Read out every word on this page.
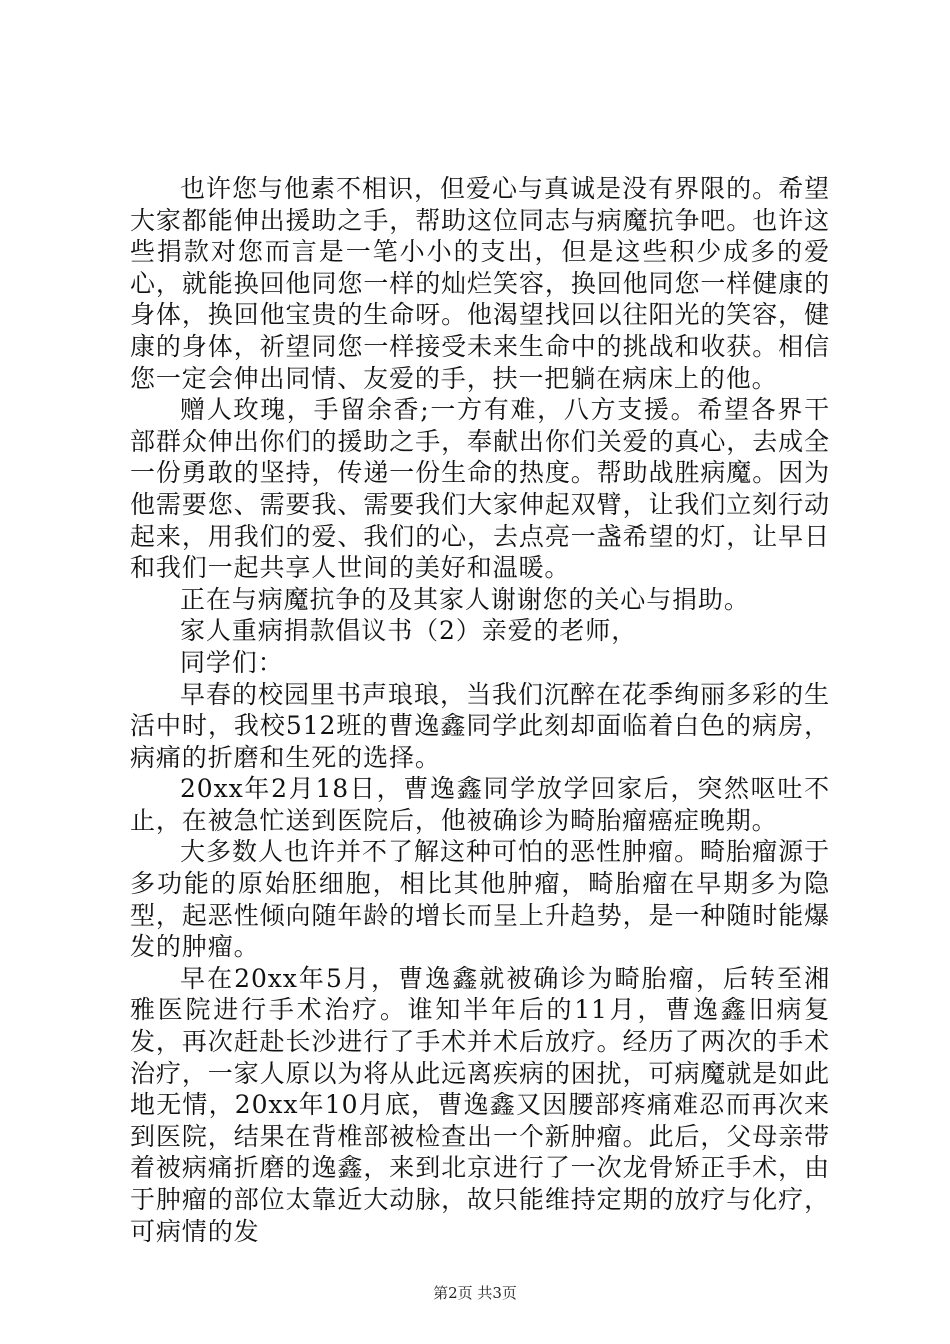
也许您与他素不相识，但爱心与真诚是没有界限的。希望大家都能伸出援助之手，帮助这位同志与病魔抗争吧。也许这些捐款对您而言是一笔小小的支出，但是这些积少成多的爱心，就能换回他同您一样的灿烂笑容，换回他同您一样健康的身体，换回他宝贵的生命呀。他渴望找回以往阳光的笑容，健康的身体，祈望同您一样接受未来生命中的挑战和收获。相信您一定会伸出同情、友爱的手，扶一把躺在病床上的他。

赠人玫瑰，手留余香;一方有难，八方支援。希望各界干部群众伸出你们的援助之手，奉献出你们关爱的真心，去成全一份勇敢的坚持，传递一份生命的热度。帮助战胜病魔。因为他需要您、需要我、需要我们大家伸起双臂，让我们立刻行动起来，用我们的爱、我们的心，去点亮一盏希望的灯，让早日和我们一起共享人世间的美好和温暖。

正在与病魔抗争的及其家人谢谢您的关心与捐助。

家人重病捐款倡议书（2）亲爱的老师，

同学们：

早春的校园里书声琅琅，当我们沉醉在花季绚丽多彩的生活中时，我校512班的曹逸鑫同学此刻却面临着白色的病房，病痛的折磨和生死的选择。

20xx年2月18日，曹逸鑫同学放学回家后，突然呕吐不止，在被急忙送到医院后，他被确诊为畸胎瘤癌症晚期。

大多数人也许并不了解这种可怕的恶性肿瘤。畸胎瘤源于多功能的原始胚细胞，相比其他肿瘤，畸胎瘤在早期多为隐型，起恶性倾向随年龄的增长而呈上升趋势，是一种随时能爆发的肿瘤。

早在20xx年5月，曹逸鑫就被确诊为畸胎瘤，后转至湘雅医院进行手术治疗。谁知半年后的11月，曹逸鑫旧病复发，再次赶赴长沙进行了手术并术后放疗。经历了两次的手术治疗，一家人原以为将从此远离疾病的困扰，可病魔就是如此地无情，20xx年10月底，曹逸鑫又因腰部疼痛难忍而再次来到医院，结果在背椎部被检查出一个新肿瘤。此后，父母亲带着被病痛折磨的逸鑫，来到北京进行了一次龙骨矫正手术，由于肿瘤的部位太靠近大动脉，故只能维持定期的放疗与化疗，可病情的发

第2页 共3页
